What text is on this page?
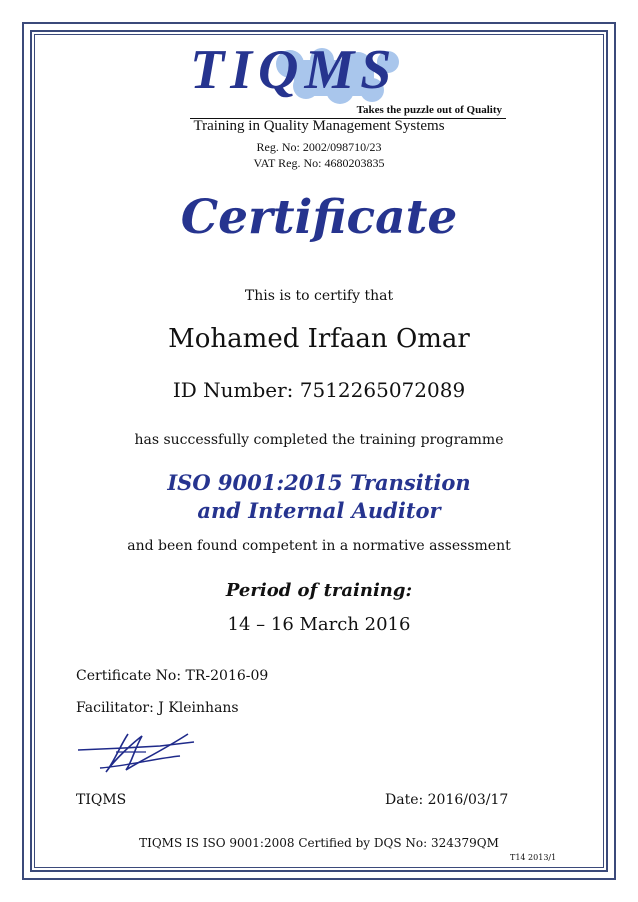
TIQMS
Takes the puzzle out of Quality
Training in Quality Management Systems
Reg. No: 2002/098710/23
VAT Reg. No: 4680203835
Certificate
This is to certify that
Mohamed Irfaan Omar
ID Number: 7512265072089
has successfully completed the training programme
ISO 9001:2015 Transition
and Internal Auditor
and been found competent in a normative assessment
Period of training:
14 – 16 March 2016
Certificate No: TR-2016-09
Facilitator: J Kleinhans
TIQMS	Date: 2016/03/17
TIQMS IS ISO 9001:2008 Certified by DQS No: 324379QM
T14 2013/1
